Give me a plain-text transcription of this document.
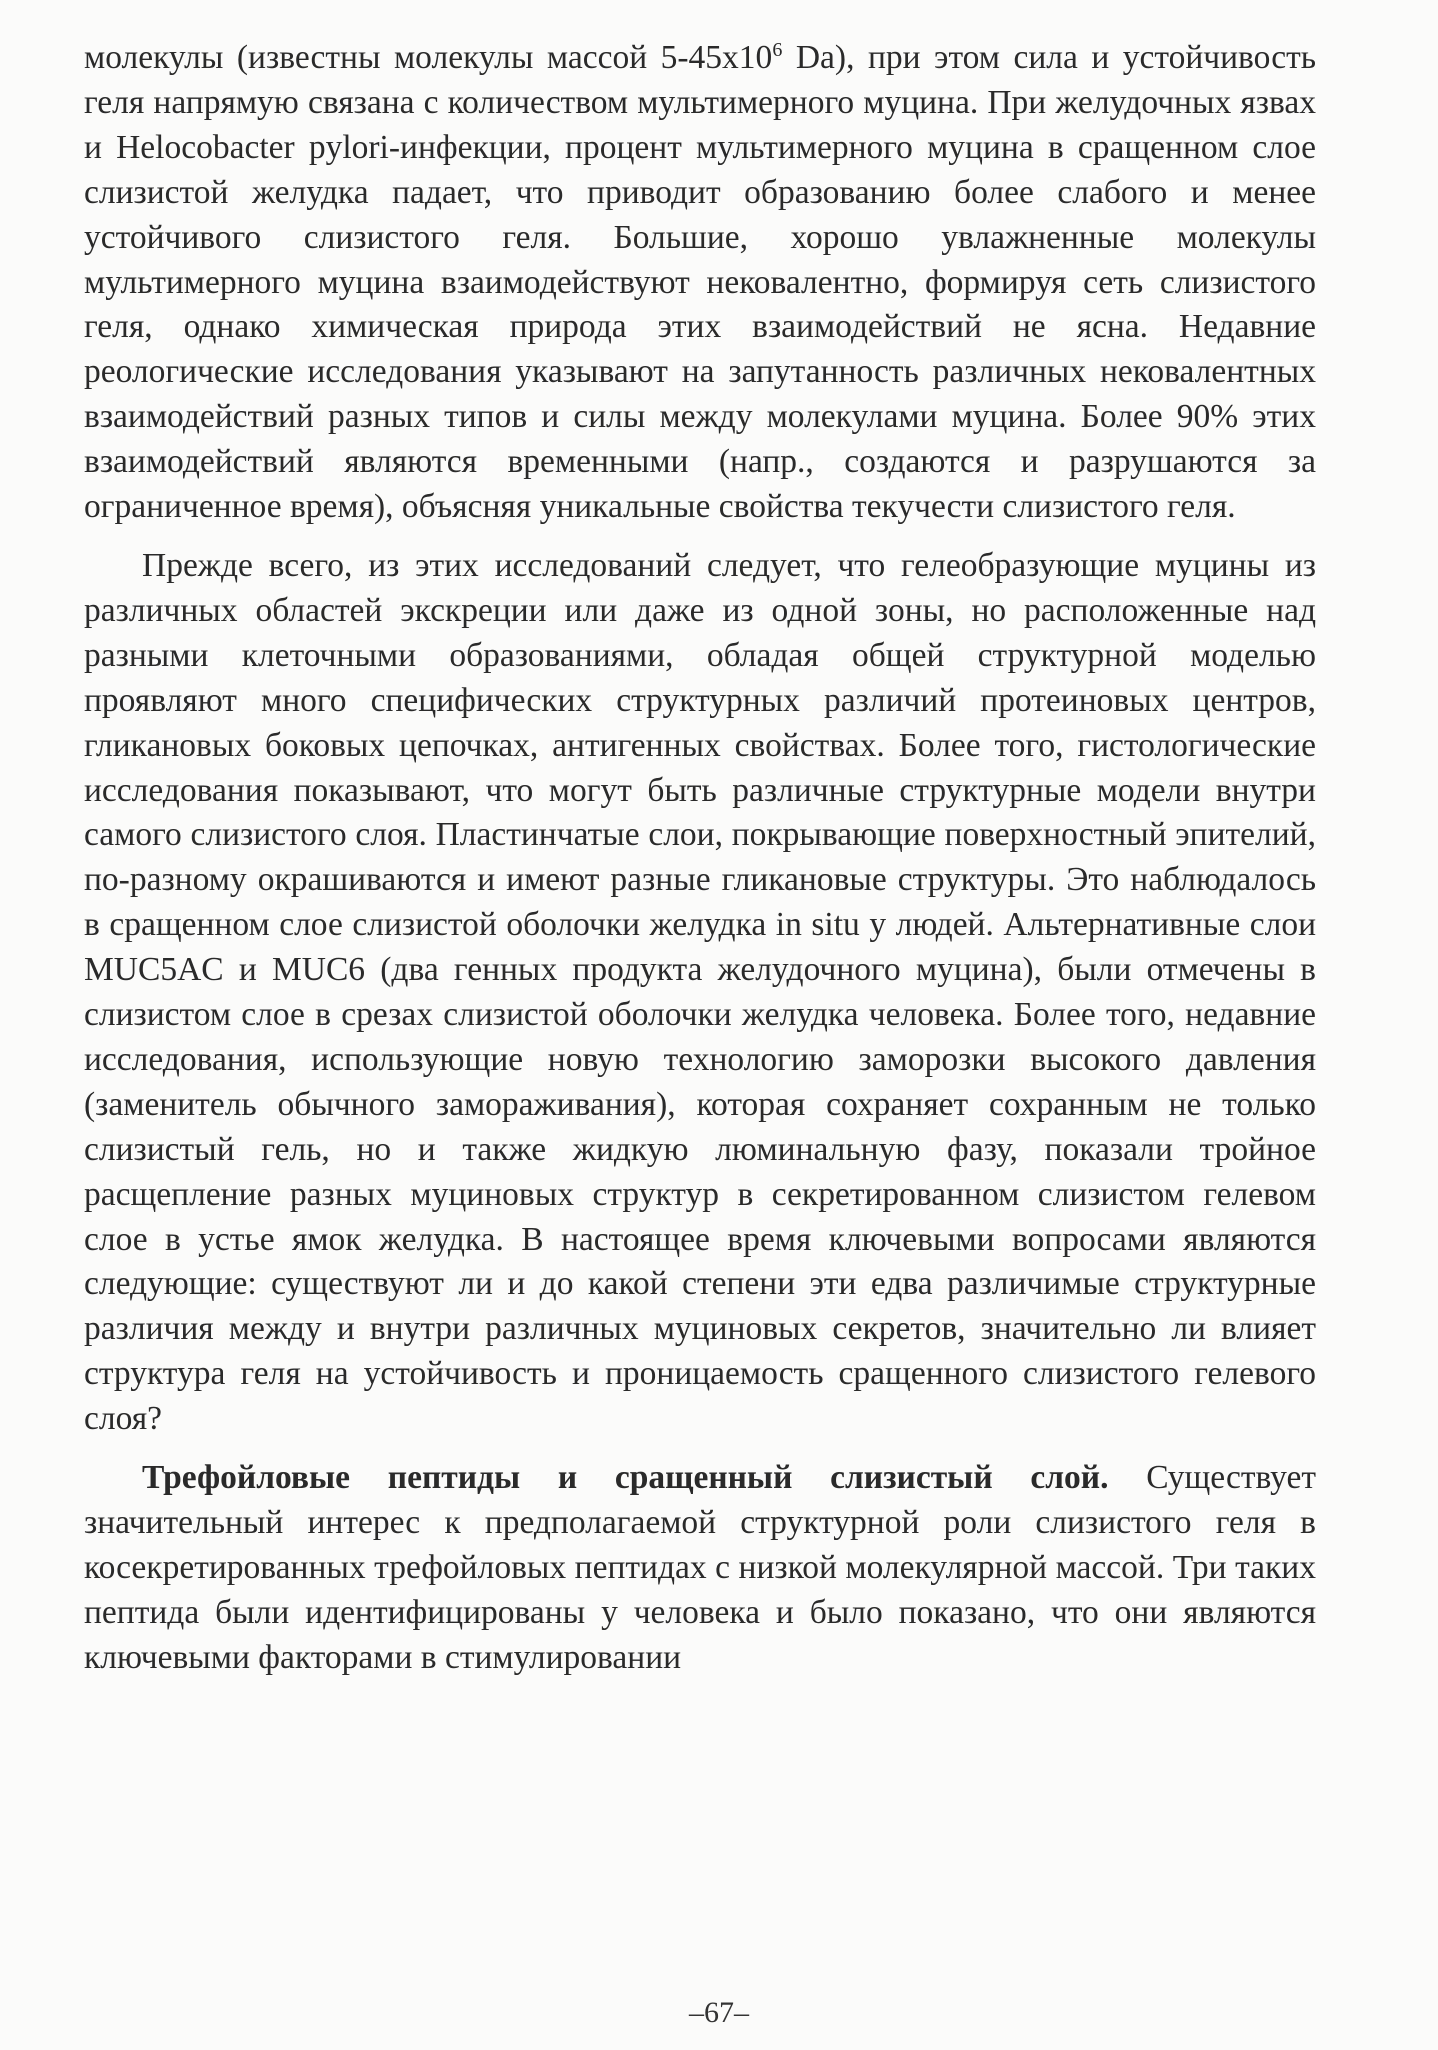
молекулы (известны молекулы массой $5-45x10^6$ Da), при этом сила и устойчивость геля напрямую связана с количеством мультимерного муцина. При желудочных язвах и Helocobacter pylori-инфекции, процент мультимерного муцина в сращенном слое слизистой желудка падает, что приводит образованию более слабого и менее устойчивого слизистого геля. Большие, хорошо увлажненные молекулы мультимерного муцина взаимодействуют нековалентно, формируя сеть слизистого геля, однако химическая природа этих взаимодействий не ясна. Недавние реологические исследования указывают на запутанность различных нековалентных взаимодействий разных типов и силы между молекулами муцина. Более 90% этих взаимодействий являются временными (напр., создаются и разрушаются за ограниченное время), объясняя уникальные свойства текучести слизистого геля.

Прежде всего, из этих исследований следует, что гелеобразующие муцины из различных областей экскреции или даже из одной зоны, но расположенные над разными клеточными образованиями, обладая общей структурной моделью проявляют много специфических структурных различий протеиновых центров, гликановых боковых цепочках, антигенных свойствах. Более того, гистологические исследования показывают, что могут быть различные структурные модели внутри самого слизистого слоя. Пластинчатые слои, покрывающие поверхностный эпителий, по-разному окрашиваются и имеют разные гликановые структуры. Это наблюдалось в сращенном слое слизистой оболочки желудка in situ у людей. Альтернативные слои MUC5AC и MUC6 (два генных продукта желудочного муцина), были отмечены в слизистом слое в срезах слизистой оболочки желудка человека. Более того, недавние исследования, использующие новую технологию заморозки высокого давления (заменитель обычного замораживания), которая сохраняет сохранным не только слизистый гель, но и также жидкую люминальную фазу, показали тройное расщепление разных муциновых структур в секретированном слизистом гелевом слое в устье ямок желудка. В настоящее время ключевыми вопросами являются следующие: существуют ли и до какой степени эти едва различимые структурные различия между и внутри различных муциновых секретов, значительно ли влияет структура геля на устойчивость и проницаемость сращенного слизистого гелевого слоя?

Трефойловые пептиды и сращенный слизистый слой. Существует значительный интерес к предполагаемой структурной роли слизистого геля в косекретированных трефойловых пептидах с низкой молекулярной массой. Три таких пептида были идентифицированы у человека и было показано, что они являются ключевыми факторами в стимулировании

–67–
